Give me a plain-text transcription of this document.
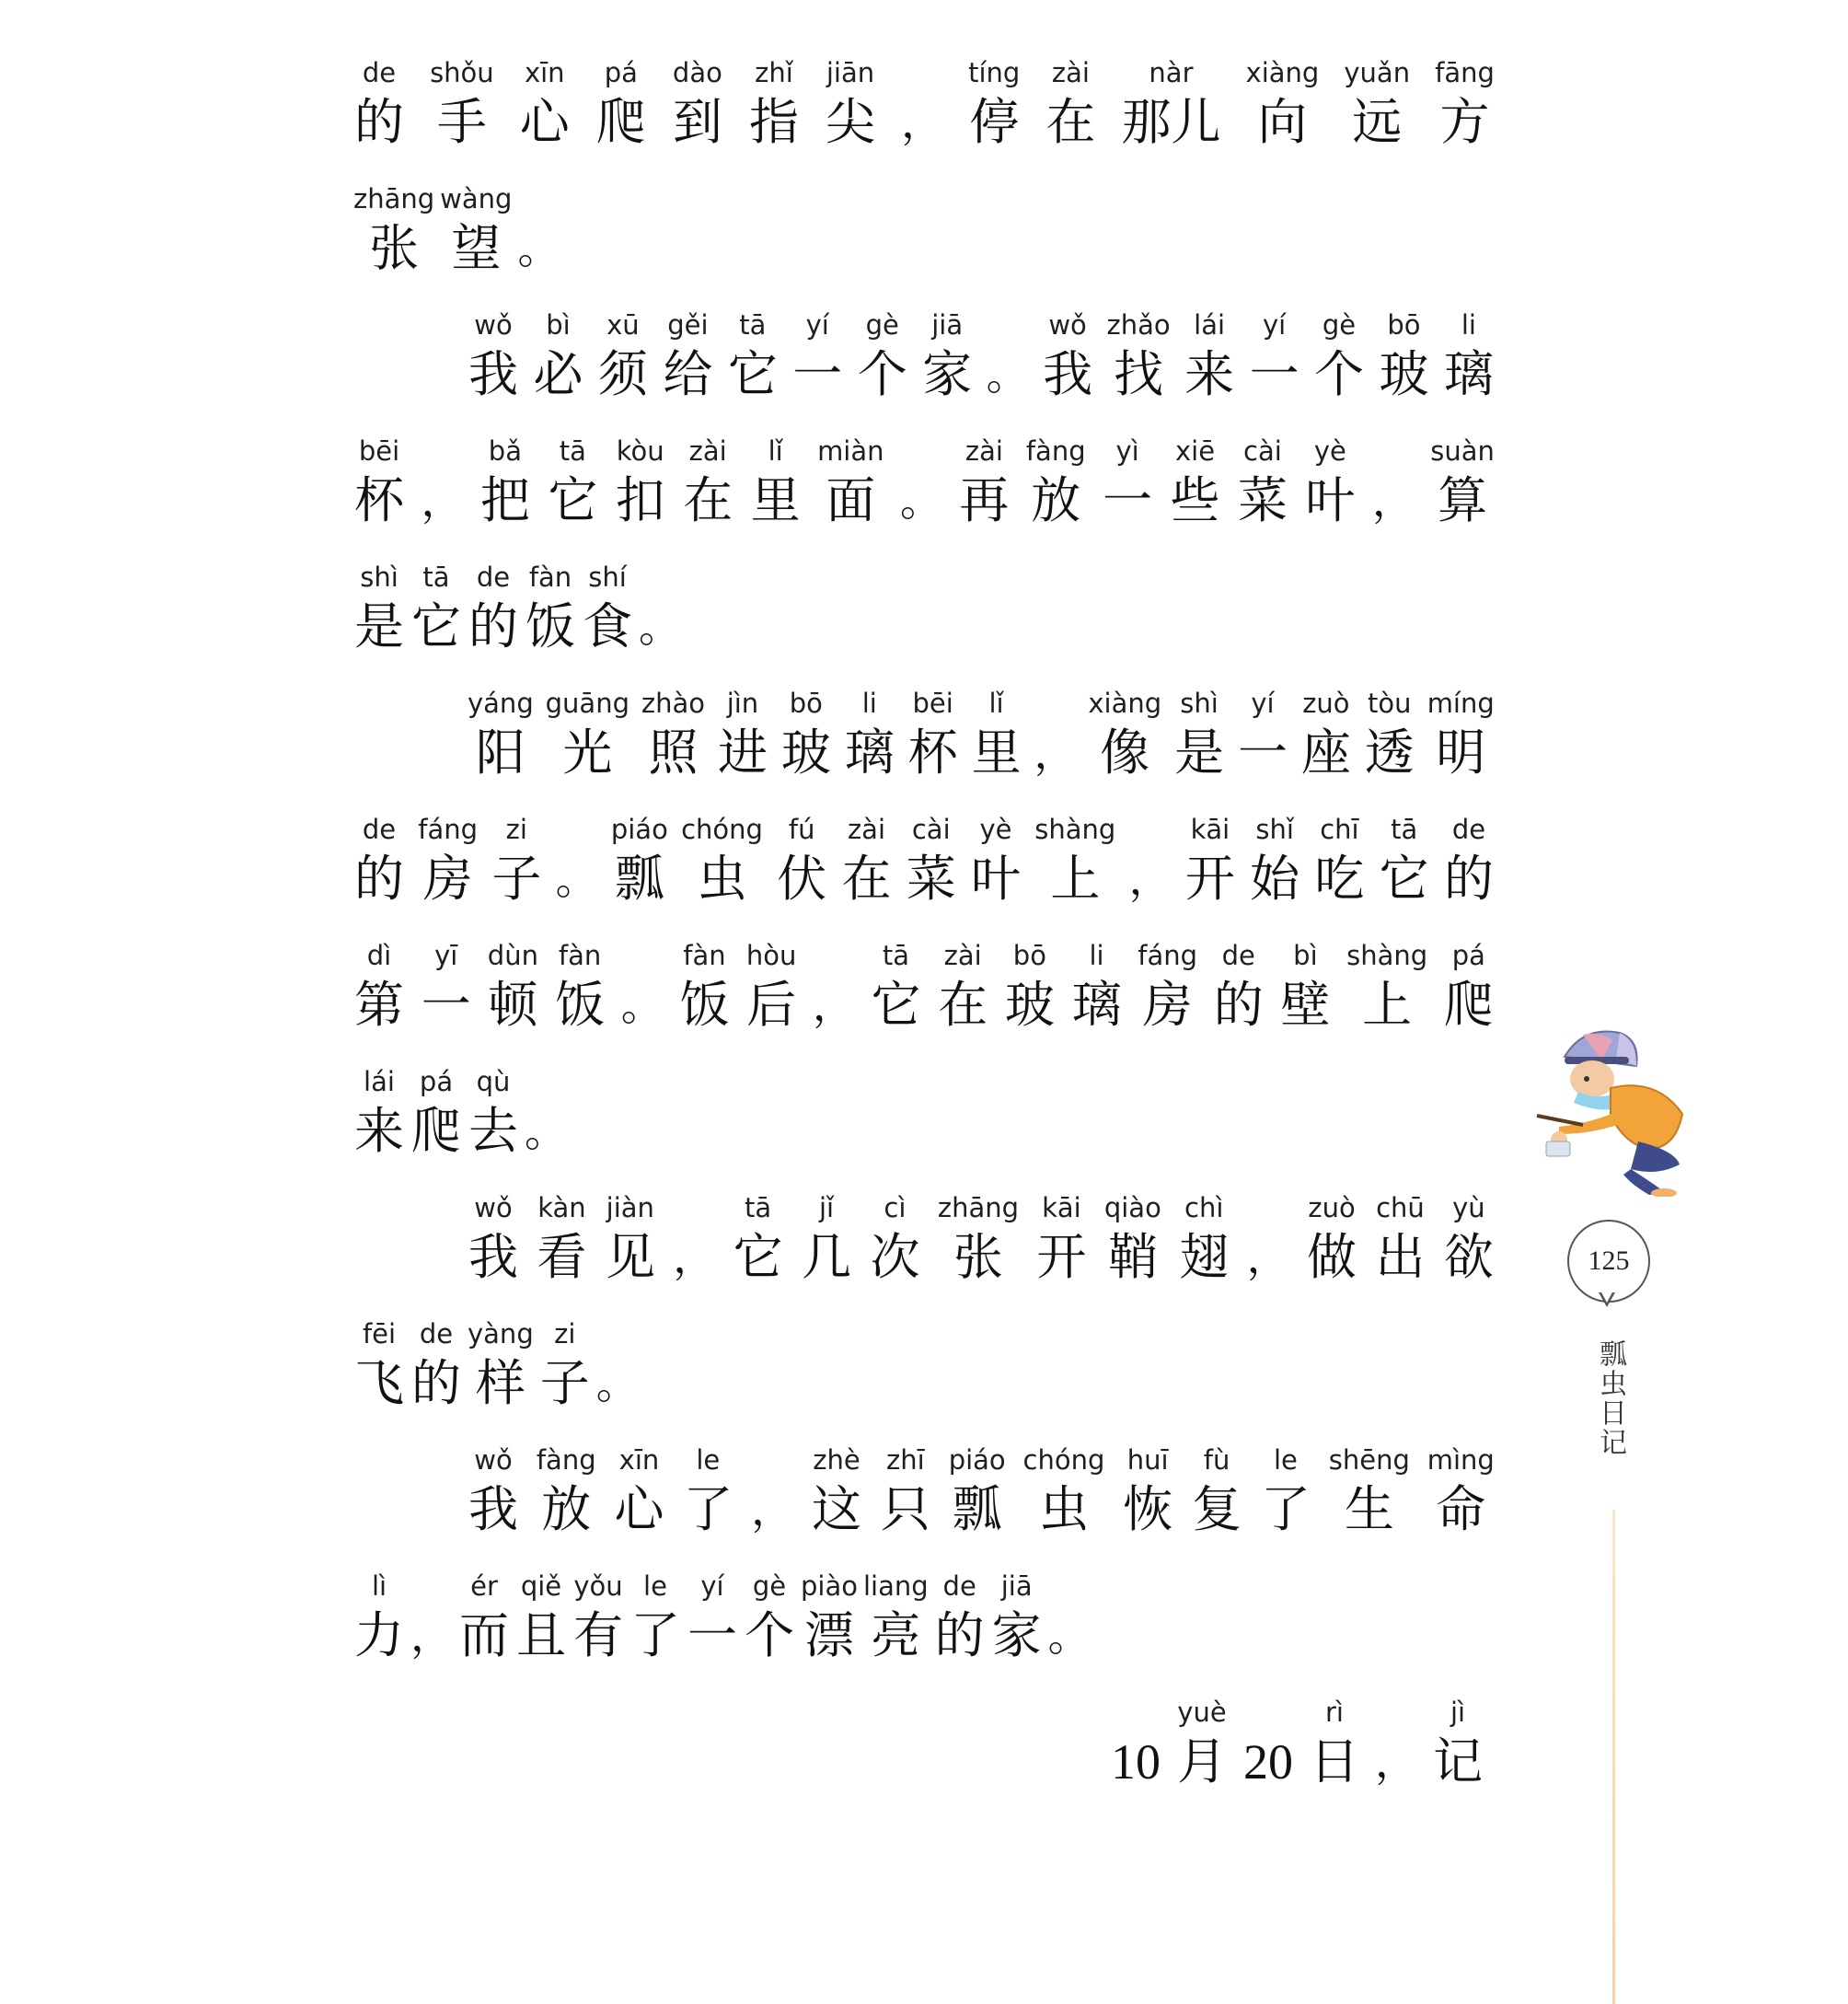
de
的
shǒu
手
xīn
心
pá
爬
dào
到
zhǐ
指
jiān
尖 ，
tíng
停
zài
在
nàr
那儿
xiàng
向
yuǎn
远
fāng
方
zhāng
张
wàng
望 。
wǒ
我
bì
必
xū
须
gěi
给
tā
它
yí
一
gè
个
jiā
家 。
wǒ
我
zhǎo
找
lái
来
yí
一
gè
个
bō
玻
li
璃
bēi
杯 ，
bǎ
把
tā
它
kòu
扣
zài
在
lǐ
里
miàn
面 。
zài
再
fàng
放
yì
一
xiē
些
cài
菜
yè
叶 ，
suàn
算
shì
是
tā
它
de
的
fàn
饭
shí
食 。
yáng
阳
guāng
光
zhào
照
jìn
进
bō
玻
li
璃
bēi
杯
lǐ
里 ，
xiàng
像
shì
是
yí
一
zuò
座
tòu
透
míng
明
de
的
fáng
房
zi
子 。
piáo
瓢
chóng
虫
fú
伏
zài
在
cài
菜
yè
叶
shàng
上 ，
kāi
开
shǐ
始
chī
吃
tā
它
de
的
dì
第
yī
一
dùn
顿
fàn
饭 。
fàn
饭
hòu
后 ，
tā
它
zài
在
bō
玻
li
璃
fáng
房
de
的
bì
壁
shàng
上
pá
爬
lái
来
pá
爬
qù
去 。
wǒ
我
kàn
看
jiàn
见 ，
tā
它
jǐ
几
cì
次
zhāng
张
kāi
开
qiào
鞘
chì
翅 ，
zuò
做
chū
出
yù
欲
fēi
飞
de
的
yàng
样
zi
子 。
wǒ
我
fàng
放
xīn
心
le
了 ，
zhè
这
zhī
只
piáo
瓢
chóng
虫
huī
恢
fù
复
le
了
shēng
生
mìng
命
lì
力 ，
ér
而
qiě
且
yǒu
有
le
了
yí
一
gè
个
piào
漂
liang
亮
de
的
jiā
家 。
10
yuè
月 20
rì
日 ，
jì
记
125
瓢虫日记
